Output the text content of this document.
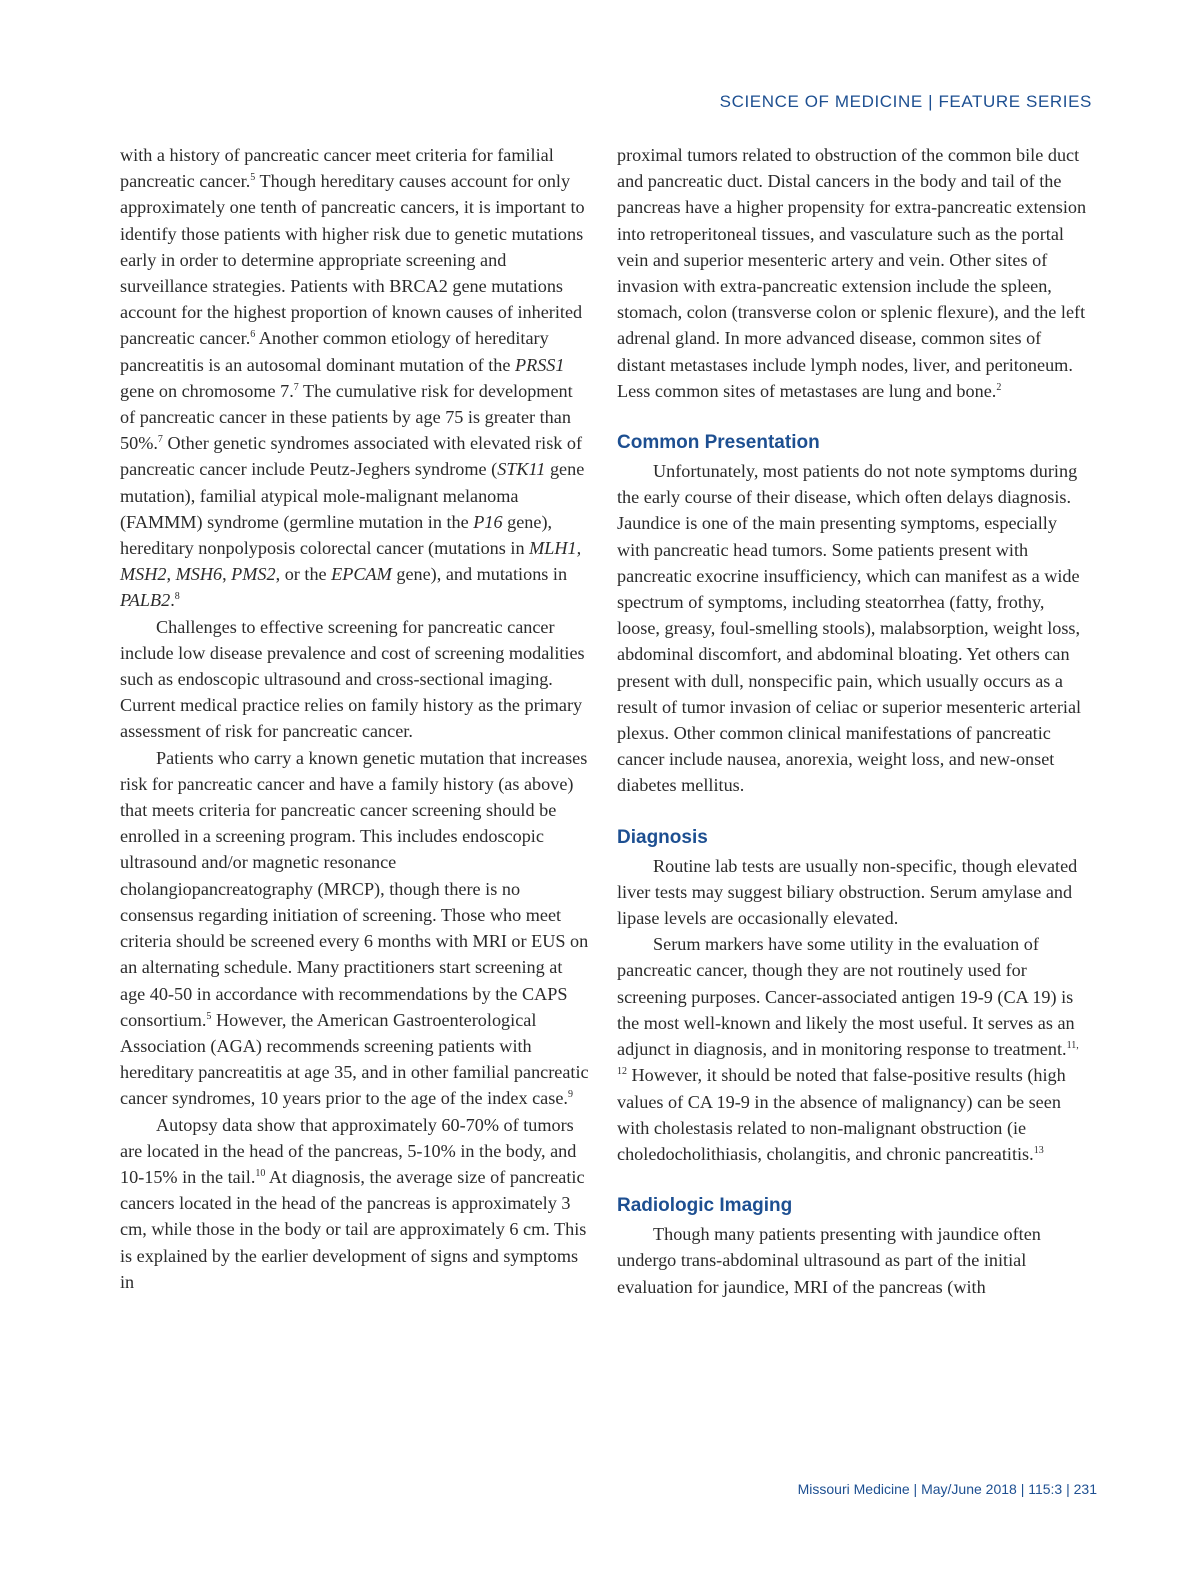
SCIENCE OF MEDICINE | FEATURE SERIES

with a history of pancreatic cancer meet criteria for familial pancreatic cancer.$^5$ Though hereditary causes account for only approximately one tenth of pancreatic cancers, it is important to identify those patients with higher risk due to genetic mutations early in order to determine appropriate screening and surveillance strategies. Patients with BRCA2 gene mutations account for the highest proportion of known causes of inherited pancreatic cancer.$^6$ Another common etiology of hereditary pancreatitis is an autosomal dominant mutation of the PRSS1 gene on chromosome 7.$^7$ The cumulative risk for development of pancreatic cancer in these patients by age 75 is greater than 50%.$^7$ Other genetic syndromes associated with elevated risk of pancreatic cancer include Peutz-Jeghers syndrome (STK11 gene mutation), familial atypical mole-malignant melanoma (FAMMM) syndrome (germline mutation in the P16 gene), hereditary nonpolyposis colorectal cancer (mutations in MLH1, MSH2, MSH6, PMS2, or the EPCAM gene), and mutations in PALB2.$^8$

Challenges to effective screening for pancreatic cancer include low disease prevalence and cost of screening modalities such as endoscopic ultrasound and cross-sectional imaging. Current medical practice relies on family history as the primary assessment of risk for pancreatic cancer.

Patients who carry a known genetic mutation that increases risk for pancreatic cancer and have a family history (as above) that meets criteria for pancreatic cancer screening should be enrolled in a screening program. This includes endoscopic ultrasound and/or magnetic resonance cholangiopancreatography (MRCP), though there is no consensus regarding initiation of screening. Those who meet criteria should be screened every 6 months with MRI or EUS on an alternating schedule. Many practitioners start screening at age 40-50 in accordance with recommendations by the CAPS consortium.$^5$ However, the American Gastroenterological Association (AGA) recommends screening patients with hereditary pancreatitis at age 35, and in other familial pancreatic cancer syndromes, 10 years prior to the age of the index case.$^9$

Autopsy data show that approximately 60-70% of tumors are located in the head of the pancreas, 5-10% in the body, and 10-15% in the tail.$^{10}$ At diagnosis, the average size of pancreatic cancers located in the head of the pancreas is approximately 3 cm, while those in the body or tail are approximately 6 cm. This is explained by the earlier development of signs and symptoms in

proximal tumors related to obstruction of the common bile duct and pancreatic duct. Distal cancers in the body and tail of the pancreas have a higher propensity for extra-pancreatic extension into retroperitoneal tissues, and vasculature such as the portal vein and superior mesenteric artery and vein. Other sites of invasion with extra-pancreatic extension include the spleen, stomach, colon (transverse colon or splenic flexure), and the left adrenal gland. In more advanced disease, common sites of distant metastases include lymph nodes, liver, and peritoneum. Less common sites of metastases are lung and bone.$^2$

Common Presentation

Unfortunately, most patients do not note symptoms during the early course of their disease, which often delays diagnosis. Jaundice is one of the main presenting symptoms, especially with pancreatic head tumors. Some patients present with pancreatic exocrine insufficiency, which can manifest as a wide spectrum of symptoms, including steatorrhea (fatty, frothy, loose, greasy, foul-smelling stools), malabsorption, weight loss, abdominal discomfort, and abdominal bloating. Yet others can present with dull, nonspecific pain, which usually occurs as a result of tumor invasion of celiac or superior mesenteric arterial plexus. Other common clinical manifestations of pancreatic cancer include nausea, anorexia, weight loss, and new-onset diabetes mellitus.

Diagnosis

Routine lab tests are usually non-specific, though elevated liver tests may suggest biliary obstruction. Serum amylase and lipase levels are occasionally elevated.

Serum markers have some utility in the evaluation of pancreatic cancer, though they are not routinely used for screening purposes. Cancer-associated antigen 19-9 (CA 19) is the most well-known and likely the most useful. It serves as an adjunct in diagnosis, and in monitoring response to treatment.$^{11, 12}$ However, it should be noted that false-positive results (high values of CA 19-9 in the absence of malignancy) can be seen with cholestasis related to non-malignant obstruction (ie choledocholithiasis, cholangitis, and chronic pancreatitis.$^{13}$

Radiologic Imaging

Though many patients presenting with jaundice often undergo trans-abdominal ultrasound as part of the initial evaluation for jaundice, MRI of the pancreas (with

Missouri Medicine | May/June 2018 | 115:3 | 231
